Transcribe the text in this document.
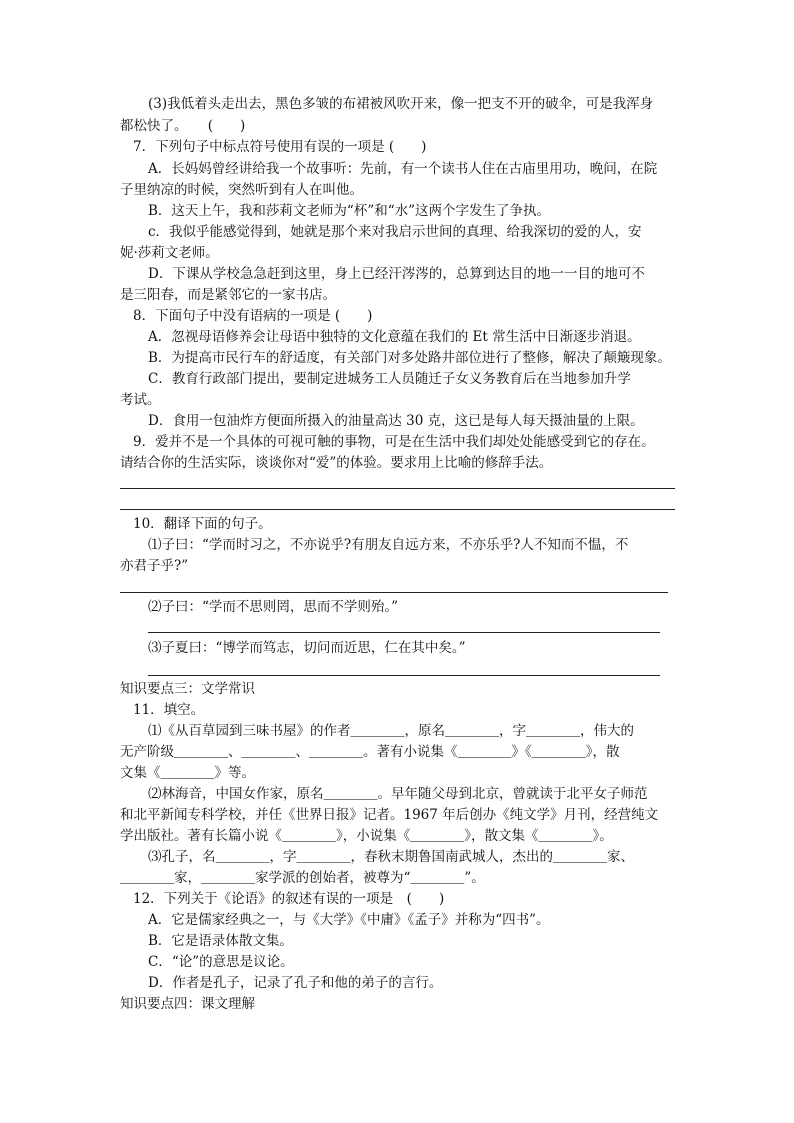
(3)我低着头走出去，黑色多皱的布裙被风吹开来，像一把支不开的破伞，可是我浑身
都松快了。　　(　　)
7．下列句子中标点符号使用有误的一项是 (　　)
A．长妈妈曾经讲给我一个故事听：先前，有一个读书人住在古庙里用功，晚问，在院
子里纳凉的时候，突然听到有人在叫他。
B．这天上午，我和莎莉文老师为“杯”和“水”这两个字发生了争执。
c．我似乎能感觉得到，她就是那个来对我启示世间的真理、给我深切的爱的人，安
妮·莎莉文老师。
D．下课从学校急急赶到这里，身上已经汗涔涔的，总算到达目的地一一目的地可不
是三阳春，而是紧邻它的一家书店。
8．下面句子中没有语病的一项是 (　　)
A．忽视母语修养会让母语中独特的文化意蕴在我们的 Et 常生活中日渐逐步消退。
B．为提高市民行车的舒适度，有关部门对多处路井部位进行了整修，解决了颠簸现象。
C．教育行政部门提出，要制定进城务工人员随迁子女义务教育后在当地参加升学
考试。
D．食用一包油炸方便面所摄入的油量高达 30 克，这已是每人每天摄油量的上限。
9．爱并不是一个具体的可视可触的事物，可是在生活中我们却处处能感受到它的存在。
请结合你的生活实际，谈谈你对“爱”的体验。要求用上比喻的修辞手法。
10．翻译下面的句子。
⑴子曰：“学而时习之，不亦说乎?有朋友自远方来，不亦乐乎?人不知而不愠，不
亦君子乎?”
⑵子曰：“学而不思则罔，思而不学则殆。”
⑶子夏曰：“博学而笃志，切问而近思，仁在其中矣。”
知识要点三：文学常识
11．填空。
⑴《从百草园到三味书屋》的作者＿＿＿＿，原名＿＿＿＿，字＿＿＿＿，伟大的
无产阶级＿＿＿＿、＿＿＿＿、＿＿＿＿。著有小说集《＿＿＿＿》《＿＿＿＿》，散
文集《＿＿＿＿》等。
⑵林海音，中国女作家，原名＿＿＿＿。早年随父母到北京，曾就读于北平女子师范
和北平新闻专科学校，并任《世界日报》记者。1967 年后创办《纯文学》月刊，经营纯文
学出版社。著有长篇小说《＿＿＿＿》，小说集《＿＿＿＿》，散文集《＿＿＿＿》。
⑶孔子，名＿＿＿＿，字＿＿＿＿，春秋末期鲁国南武城人，杰出的＿＿＿＿家、
＿＿＿＿家，＿＿＿＿家学派的创始者，被尊为“＿＿＿＿”。
12．下列关于《论语》的叙述有误的一项是　(　　)
A．它是儒家经典之一，与《大学》《中庸》《孟子》并称为“四书”。
B．它是语录体散文集。
C．“论”的意思是议论。
D．作者是孔子，记录了孔子和他的弟子的言行。
知识要点四：课文理解
